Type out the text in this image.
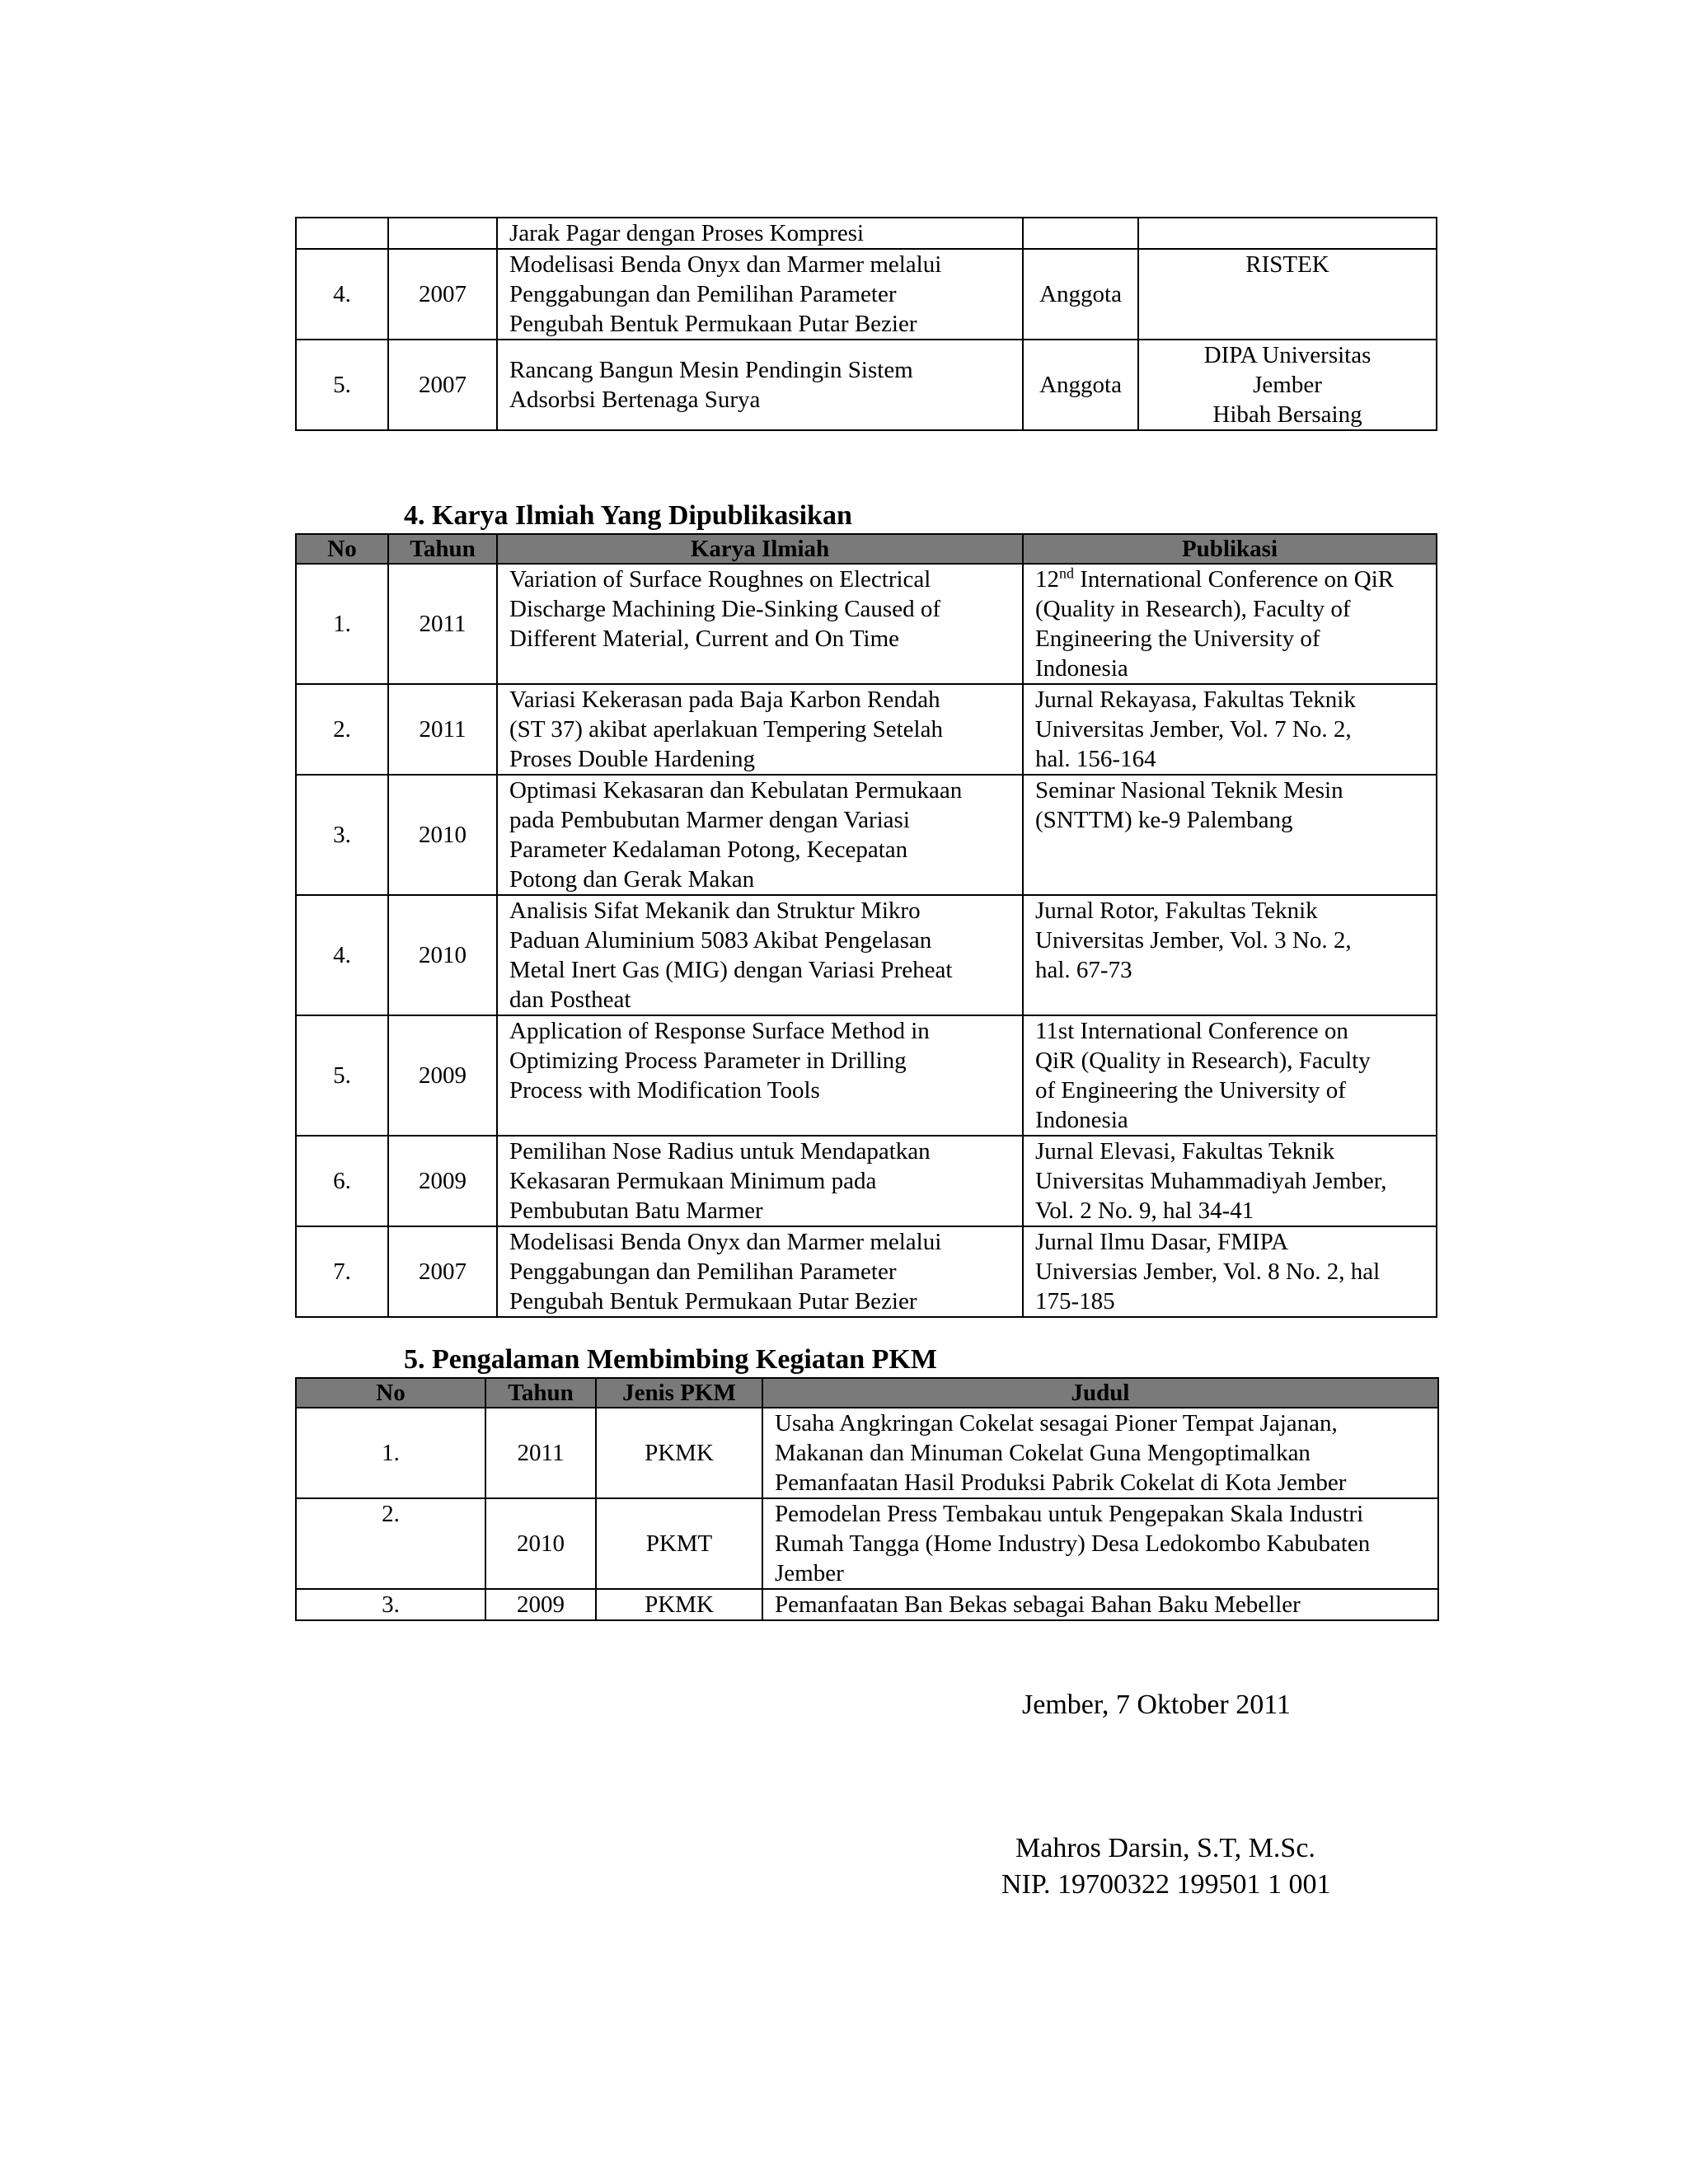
		Jarak Pagar dengan Proses Kompresi		

4.	2007	Modelisasi Benda Onyx dan Marmer melalui
Penggabungan dan Pemilihan Parameter
Pengubah Bentuk Permukaan Putar Bezier	Anggota	RISTEK

5.	2007	Rancang Bangun Mesin Pendingin Sistem
Adsorbsi Bertenaga Surya	Anggota	DIPA Universitas
Jember
Hibah Bersaing
4. Karya Ilmiah Yang Dipublikasikan
No	Tahun	Karya Ilmiah	Publikasi
1.	2011	Variation of Surface Roughnes on Electrical
Discharge Machining Die-Sinking Caused of
Different Material, Current and On Time	12nd International Conference on QiR
(Quality in Research), Faculty of
Engineering the University of
Indonesia

2.	2011	Variasi Kekerasan pada Baja Karbon Rendah
(ST 37) akibat aperlakuan Tempering Setelah
Proses Double Hardening	Jurnal Rekayasa, Fakultas Teknik
Universitas Jember, Vol. 7 No. 2,
hal. 156-164

3.	2010	Optimasi Kekasaran dan Kebulatan Permukaan
pada Pembubutan Marmer dengan Variasi
Parameter Kedalaman Potong, Kecepatan
Potong dan Gerak Makan	Seminar Nasional Teknik Mesin
(SNTTM) ke-9 Palembang

4.	2010	Analisis Sifat Mekanik dan Struktur Mikro
Paduan Aluminium 5083 Akibat Pengelasan
Metal Inert Gas (MIG) dengan Variasi Preheat
dan Postheat	Jurnal Rotor, Fakultas Teknik
Universitas Jember, Vol. 3 No. 2,
hal. 67-73

5.	2009	Application of Response Surface Method in
Optimizing Process Parameter in Drilling
Process with Modification Tools	11st International Conference on
QiR (Quality in Research), Faculty
of Engineering the University of
Indonesia

6.	2009	Pemilihan Nose Radius untuk Mendapatkan
Kekasaran Permukaan Minimum pada
Pembubutan Batu Marmer	Jurnal Elevasi, Fakultas Teknik
Universitas Muhammadiyah Jember,
Vol. 2 No. 9, hal 34-41

7.	2007	Modelisasi Benda Onyx dan Marmer melalui
Penggabungan dan Pemilihan Parameter
Pengubah Bentuk Permukaan Putar Bezier	Jurnal Ilmu Dasar, FMIPA
Universias Jember, Vol. 8 No. 2, hal
175-185
5. Pengalaman Membimbing Kegiatan PKM
No	Tahun	Jenis PKM	Judul
1.	2011	PKMK	Usaha Angkringan Cokelat sesagai Pioner Tempat Jajanan,
Makanan dan Minuman Cokelat Guna Mengoptimalkan
Pemanfaatan Hasil Produksi Pabrik Cokelat di Kota Jember

2.	2010	PKMT	Pemodelan Press Tembakau untuk Pengepakan Skala Industri
Rumah Tangga (Home Industry) Desa Ledokombo Kabubaten
Jember

3.	2009	PKMK	Pemanfaatan Ban Bekas sebagai Bahan Baku Mebeller
Jember, 7 Oktober 2011
Mahros Darsin, S.T, M.Sc.
NIP. 19700322 199501 1 001
